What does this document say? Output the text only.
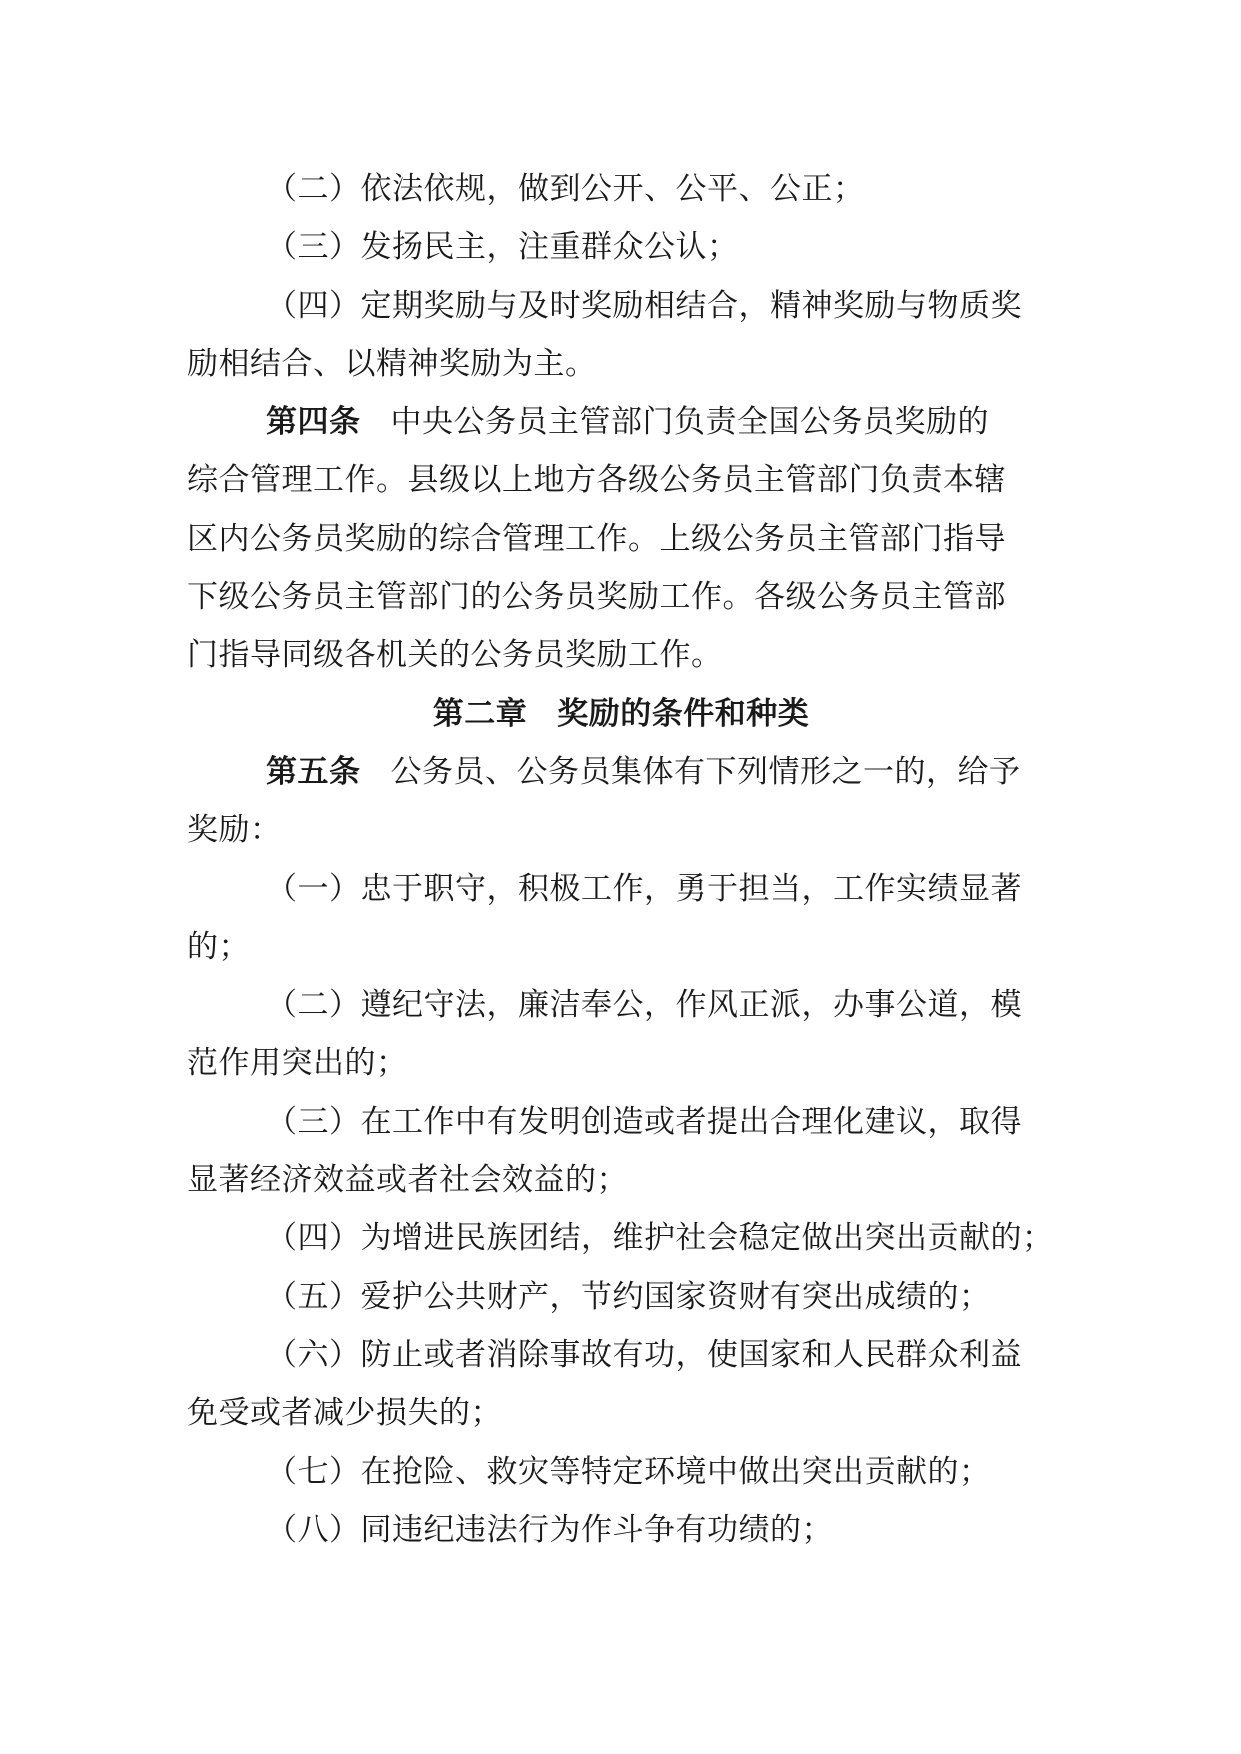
（二）依法依规，做到公开、公平、公正；

（三）发扬民主，注重群众公认；

（四）定期奖励与及时奖励相结合，精神奖励与物质奖

励相结合、以精神奖励为主。

第四条 中央公务员主管部门负责全国公务员奖励的

综合管理工作。县级以上地方各级公务员主管部门负责本辖

区内公务员奖励的综合管理工作。上级公务员主管部门指导

下级公务员主管部门的公务员奖励工作。各级公务员主管部

门指导同级各机关的公务员奖励工作。

第二章 奖励的条件和种类

第五条 公务员、公务员集体有下列情形之一的，给予

奖励：

（一）忠于职守，积极工作，勇于担当，工作实绩显著

的；

（二）遵纪守法，廉洁奉公，作风正派，办事公道，模

范作用突出的；

（三）在工作中有发明创造或者提出合理化建议，取得

显著经济效益或者社会效益的；

（四）为增进民族团结，维护社会稳定做出突出贡献的；

（五）爱护公共财产，节约国家资财有突出成绩的；

（六）防止或者消除事故有功，使国家和人民群众利益

免受或者减少损失的；

（七）在抢险、救灾等特定环境中做出突出贡献的；

（八）同违纪违法行为作斗争有功绩的；
